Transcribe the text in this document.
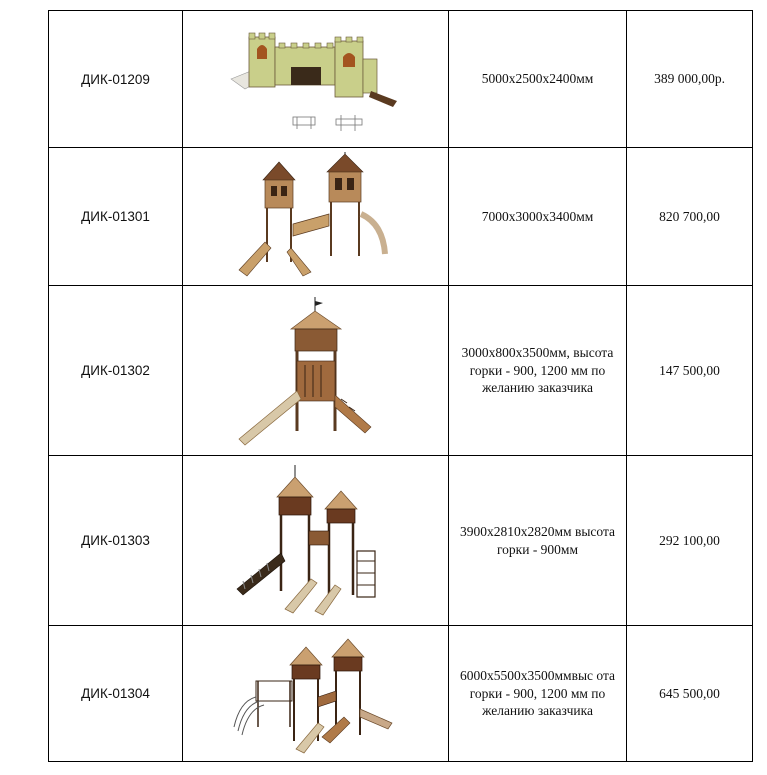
ДИК-01209		5000х2500х2400мм	389 000,00р.
ДИК-01301		7000х3000х3400мм	820 700,00
ДИК-01302		3000х800х3500мм, высота горки - 900, 1200 мм по желанию заказчика	147 500,00
ДИК-01303		3900х2810х2820мм высота горки - 900мм	292 100,00
ДИК-01304		6000х5500х3500ммвыс ота горки - 900, 1200 мм по желанию заказчика	645 500,00
